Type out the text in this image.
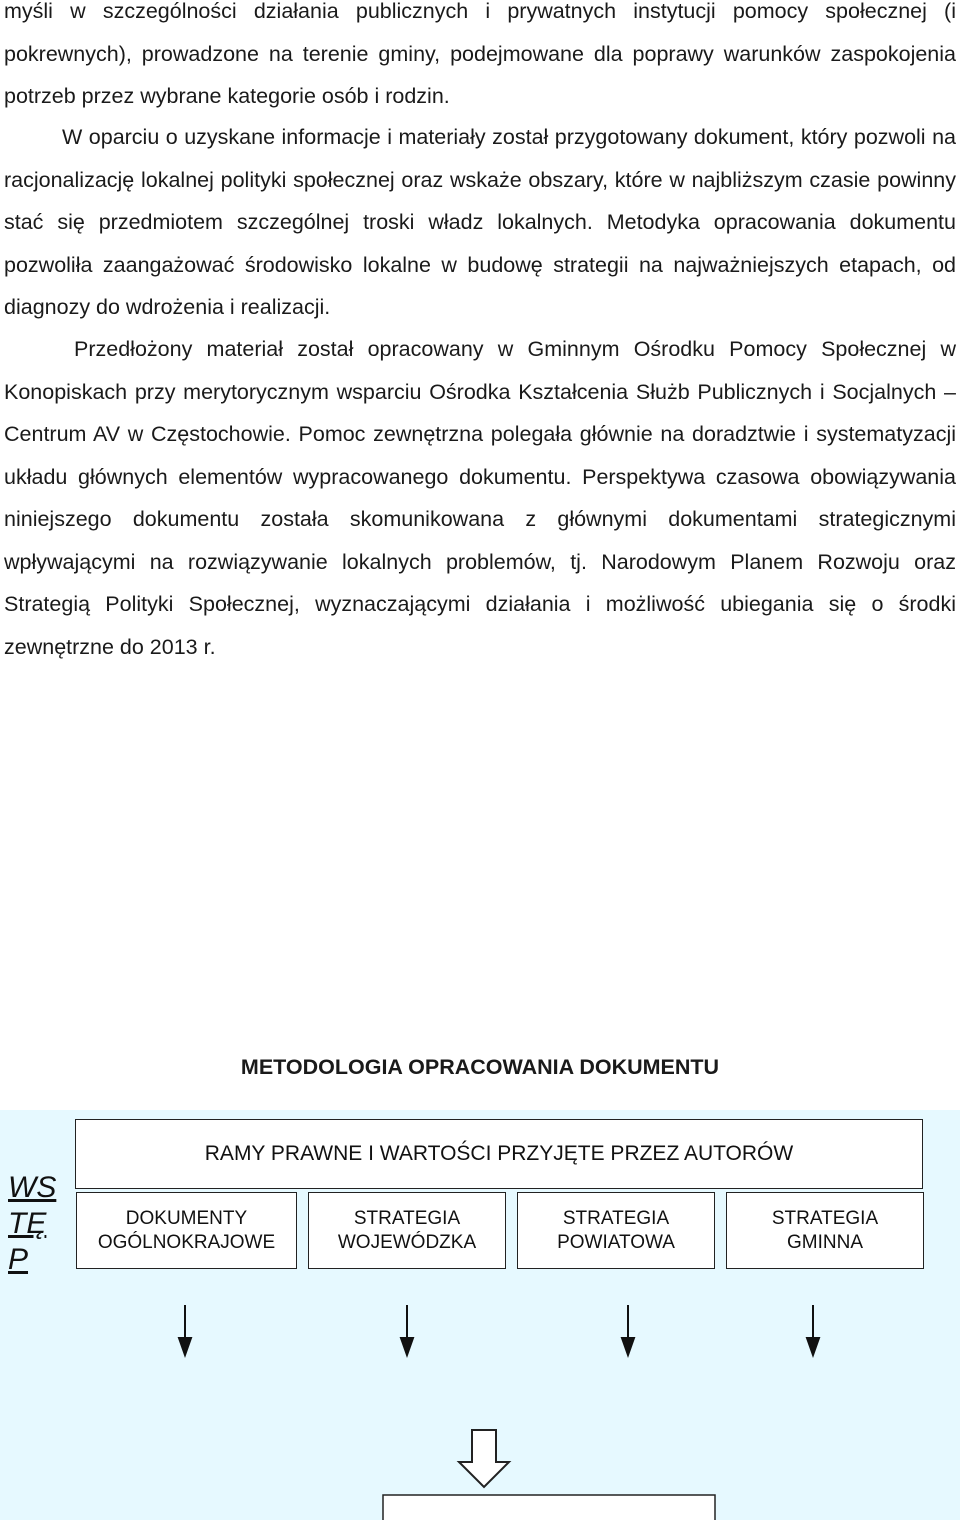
myśli w szczególności działania publicznych i prywatnych instytucji pomocy społecznej (i pokrewnych), prowadzone na terenie gminy, podejmowane dla poprawy warunków zaspokojenia potrzeb przez wybrane kategorie osób i rodzin.

W oparciu o uzyskane informacje i materiały został przygotowany dokument, który pozwoli na racjonalizację lokalnej polityki społecznej oraz wskaże obszary, które w najbliższym czasie powinny stać się przedmiotem szczególnej troski władz lokalnych. Metodyka opracowania dokumentu pozwoliła zaangażować środowisko lokalne w budowę strategii na najważniejszych etapach, od diagnozy do wdrożenia i realizacji.

Przedłożony materiał został opracowany w Gminnym Ośrodku Pomocy Społecznej w Konopiskach przy merytorycznym wsparciu Ośrodka Kształcenia Służb Publicznych i Socjalnych – Centrum AV w Częstochowie. Pomoc zewnętrzna polegała głównie na doradztwie i systematyzacji układu głównych elementów wypracowanego dokumentu. Perspektywa czasowa obowiązywania niniejszego dokumentu została skomunikowana z głównymi dokumentami strategicznymi wpływającymi na rozwiązywanie lokalnych problemów, tj. Narodowym Planem Rozwoju oraz Strategią Polityki Społecznej, wyznaczającymi działania i możliwość ubiegania się o środki zewnętrzne do 2013 r.

METODOLOGIA OPRACOWANIA DOKUMENTU
WS
TĘ
P
RAMY PRAWNE I WARTOŚCI PRZYJĘTE PRZEZ AUTORÓW
DOKUMENTY
OGÓLNOKRAJOWE
STRATEGIA
WOJEWÓDZKA
STRATEGIA
POWIATOWA
STRATEGIA
GMINNA
